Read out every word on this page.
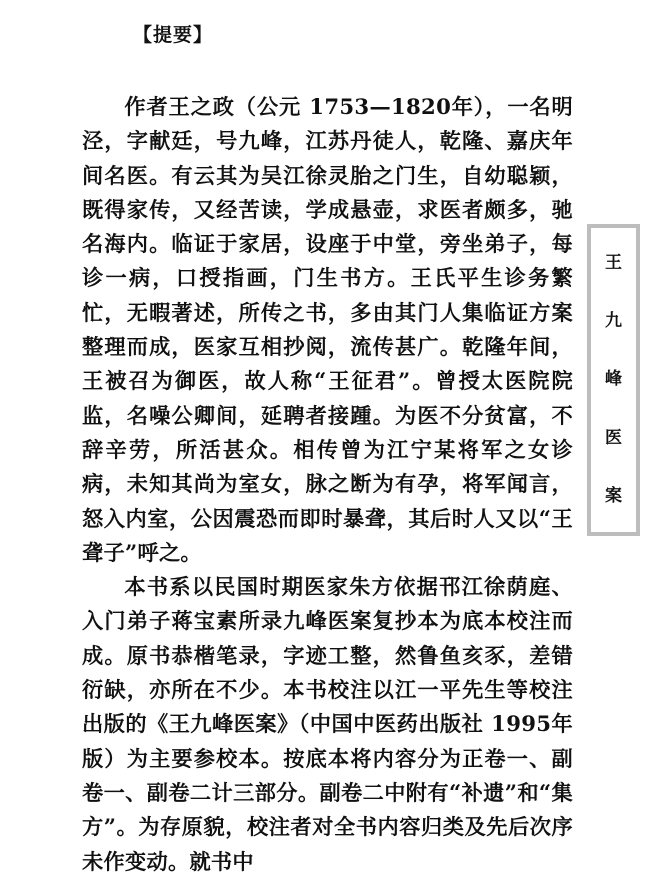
【提要】

作者王之政（公元 1753—1820年），一名明泾，字献廷，号九峰，江苏丹徒人，乾隆、嘉庆年间名医。有云其为吴江徐灵胎之门生，自幼聪颖，既得家传，又经苦读，学成悬壶，求医者颇多，驰名海内。临证于家居，设座于中堂，旁坐弟子，每诊一病，口授指画，门生书方。王氏平生诊务繁忙，无暇著述，所传之书，多由其门人集临证方案整理而成，医家互相抄阅，流传甚广。乾隆年间，王被召为御医，故人称“王征君”。曾授太医院院监，名噪公卿间，延聘者接踵。为医不分贫富，不辞辛劳，所活甚众。相传曾为江宁某将军之女诊病，未知其尚为室女，脉之断为有孕，将军闻言，怒入内室，公因震恐而即时暴聋，其后时人又以“王聋子”呼之。

本书系以民国时期医家朱方依据邗江徐荫庭、入门弟子蒋宝素所录九峰医案复抄本为底本校注而成。原书恭楷笔录，字迹工整，然鲁鱼亥豕，差错衍缺，亦所在不少。本书校注以江一平先生等校注出版的《王九峰医案》（中国中医药出版社 1995年版）为主要参校本。按底本将内容分为正卷一、副卷一、副卷二计三部分。副卷二中附有“补遗”和“集方”。为存原貌，校注者对全书内容归类及先后次序未作变动。就书中

王
九
峰
医
案
